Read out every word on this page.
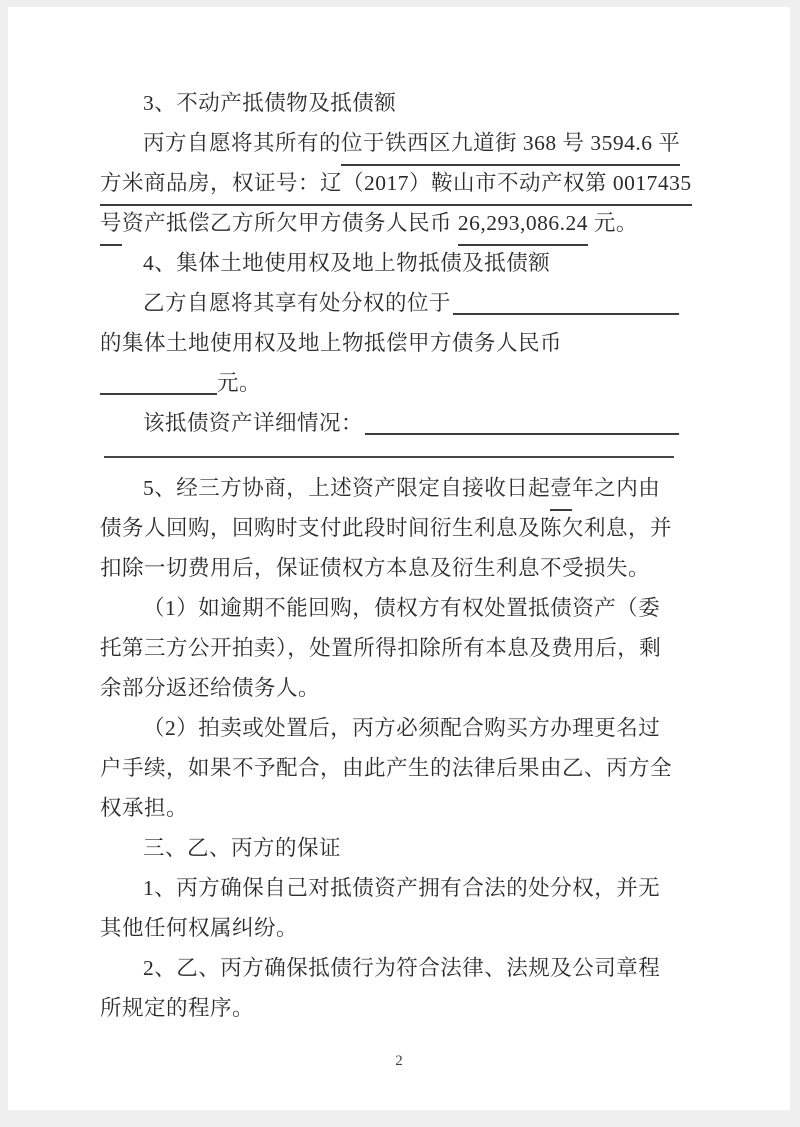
3、不动产抵债物及抵债额
丙方自愿将其所有的 位于铁西区九道街 368 号 3594.6 平
方米商品房，权证号：辽（2017）鞍山市不动产权第 0017435
号 资产抵偿乙方所欠甲方债务人民币 26,293,086.24 元。
4、集体土地使用权及地上物抵债及抵债额
乙方自愿将其享有处分权的位于
的集体土地使用权及地上物抵偿甲方债务人民币
元。
该抵债资产详细情况：
5、经三方协商，上述资产限定自接收日起 壹 年之内由
债务人回购，回购时支付此段时间衍生利息及陈欠利息，并
扣除一切费用后，保证债权方本息及衍生利息不受损失。
（1）如逾期不能回购，债权方有权处置抵债资产（委
托第三方公开拍卖），处置所得扣除所有本息及费用后，剩
余部分返还给债务人。
（2）拍卖或处置后，丙方必须配合购买方办理更名过
户手续，如果不予配合，由此产生的法律后果由乙、丙方全
权承担。
三、乙、丙方的保证
1、丙方确保自己对抵债资产拥有合法的处分权，并无
其他任何权属纠纷。
2、乙、丙方确保抵债行为符合法律、法规及公司章程
所规定的程序。
2
